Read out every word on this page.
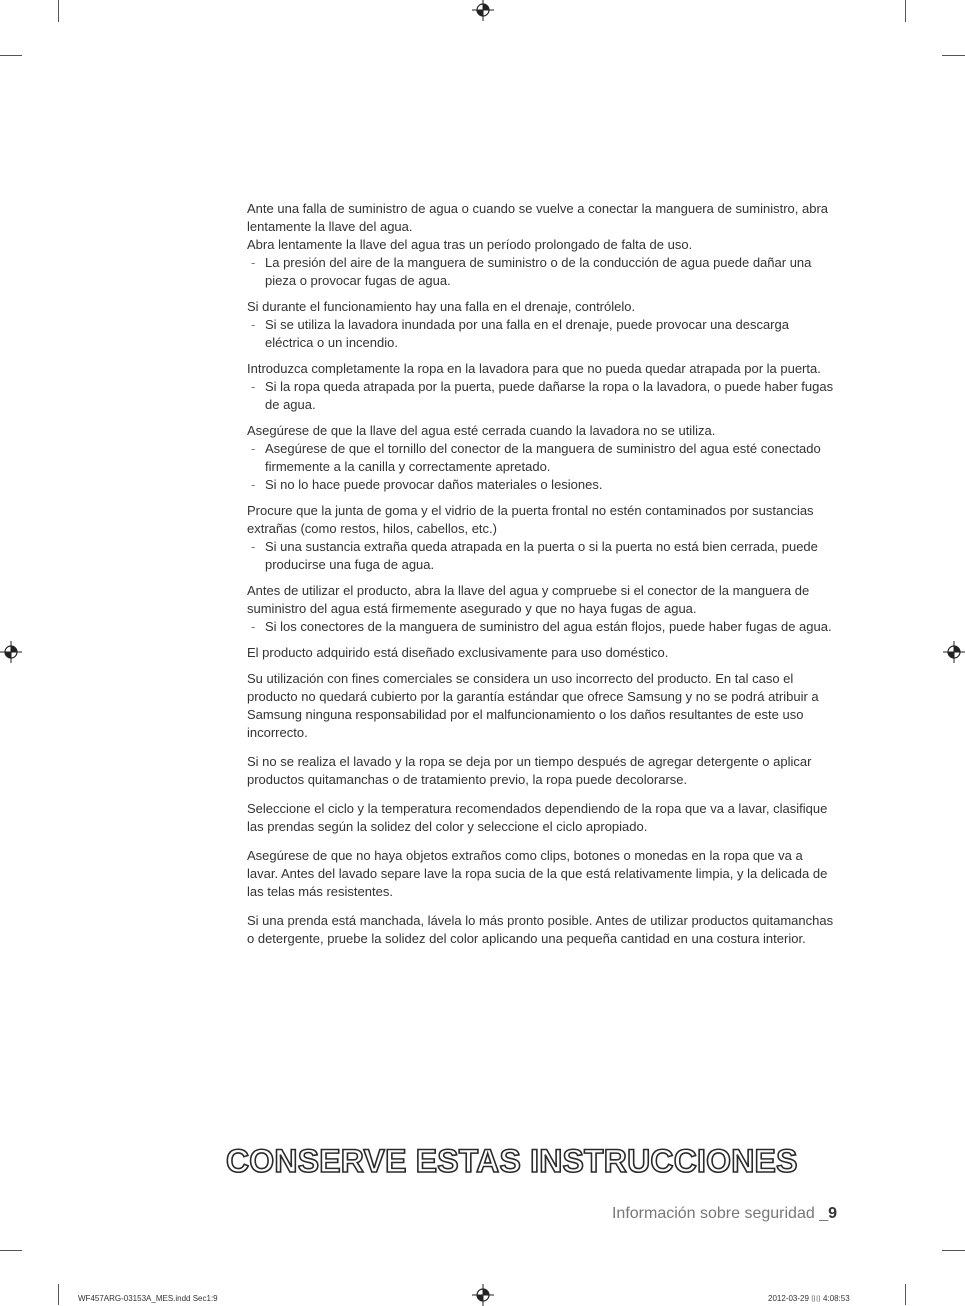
Ante una falla de suministro de agua o cuando se vuelve a conectar la manguera de suministro, abra lentamente la llave del agua.

Abra lentamente la llave del agua tras un período prolongado de falta de uso.

- La presión del aire de la manguera de suministro o de la conducción de agua puede dañar una pieza o provocar fugas de agua.

Si durante el funcionamiento hay una falla en el drenaje, contrólelo.

- Si se utiliza la lavadora inundada por una falla en el drenaje, puede provocar una descarga eléctrica o un incendio.

Introduzca completamente la ropa en la lavadora para que no pueda quedar atrapada por la puerta.

- Si la ropa queda atrapada por la puerta, puede dañarse la ropa o la lavadora, o puede haber fugas de agua.

Asegúrese de que la llave del agua esté cerrada cuando la lavadora no se utiliza.

- Asegúrese de que el tornillo del conector de la manguera de suministro del agua esté conectado firmemente a la canilla y correctamente apretado.

- Si no lo hace puede provocar daños materiales o lesiones.

Procure que la junta de goma y el vidrio de la puerta frontal no estén contaminados por sustancias extrañas (como restos, hilos, cabellos, etc.)

- Si una sustancia extraña queda atrapada en la puerta o si la puerta no está bien cerrada, puede producirse una fuga de agua.

Antes de utilizar el producto, abra la llave del agua y compruebe si el conector de la manguera de suministro del agua está firmemente asegurado y que no haya fugas de agua.

- Si los conectores de la manguera de suministro del agua están flojos, puede haber fugas de agua.

El producto adquirido está diseñado exclusivamente para uso doméstico.

Su utilización con fines comerciales se considera un uso incorrecto del producto. En tal caso el producto no quedará cubierto por la garantía estándar que ofrece Samsung y no se podrá atribuir a Samsung ninguna responsabilidad por el malfuncionamiento o los daños resultantes de este uso incorrecto.

Si no se realiza el lavado y la ropa se deja por un tiempo después de agregar detergente o aplicar productos quitamanchas o de tratamiento previo, la ropa puede decolorarse.

Seleccione el ciclo y la temperatura recomendados dependiendo de la ropa que va a lavar, clasifique las prendas según la solidez del color y seleccione el ciclo apropiado.

Asegúrese de que no haya objetos extraños como clips, botones o monedas en la ropa que va a lavar. Antes del lavado separe lave la ropa sucia de la que está relativamente limpia, y la delicada de las telas más resistentes.

Si una prenda está manchada, lávela lo más pronto posible. Antes de utilizar productos quitamanchas o detergente, pruebe la solidez del color aplicando una pequeña cantidad en una costura interior.

CONSERVE ESTAS INSTRUCCIONES
Información sobre seguridad _9
WF457ARG-03153A_MES.indd Sec1:9	2012-03-29 ⌷⌷ 4:08:53
